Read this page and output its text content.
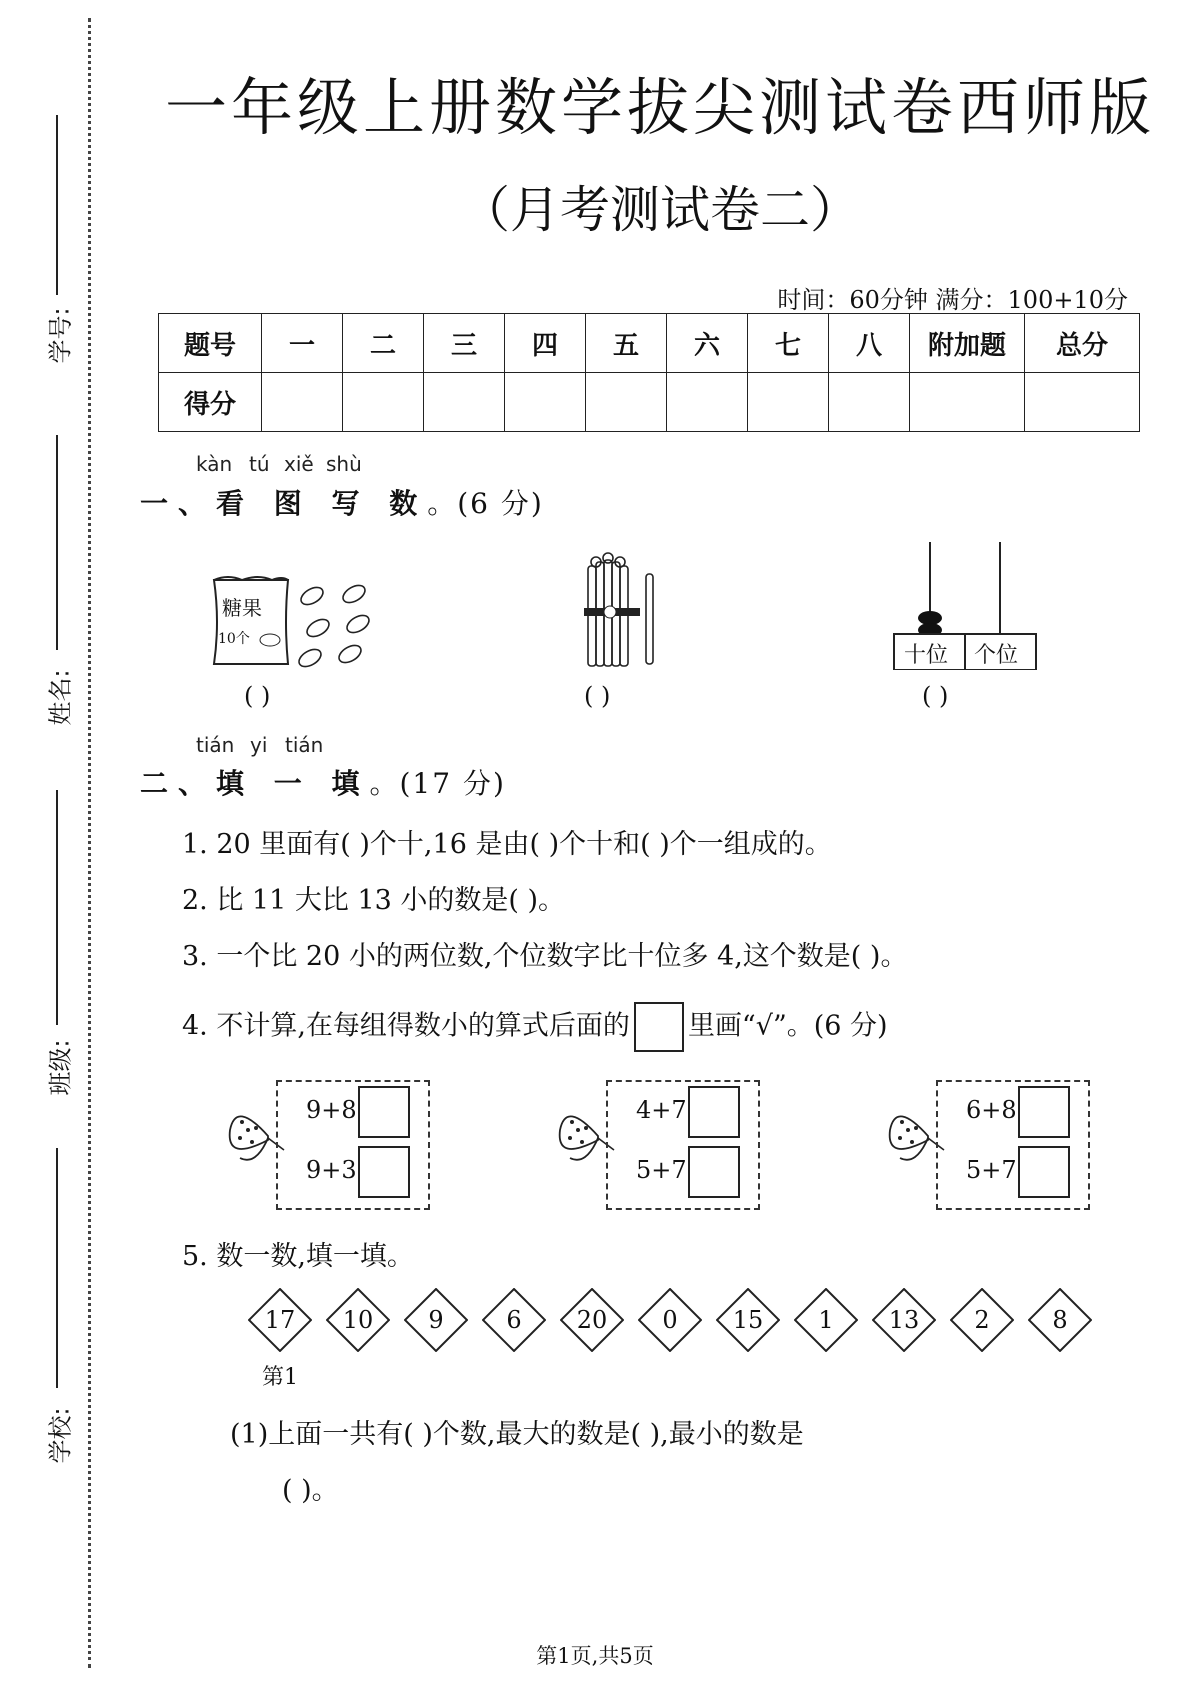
学号:
姓名:
班级:
学校:
一年级上册数学拔尖测试卷西师版
（月考测试卷二）
时间：60分钟 满分：100+10分
题号	一	二	三	四	五	六	七	八	附加题	总分
得分										
kàn tú xiě shù
一、看 图 写 数。(6 分)
糖果
10个
( )	( )
十位 个位
( )
tián yi tián
二、填 一 填。(17 分)
1. 20 里面有( )个十,16 是由( )个十和( )个一组成的。
2. 比 11 大比 13 小的数是( )。
3. 一个比 20 小的两位数,个位数字比十位多 4,这个数是( )。
4. 不计算,在每组得数小的算式后面的 里画“√”。(6 分)
9+8
9+3
4+7
5+7
6+8
5+7
5. 数一数,填一填。
17	10	9	6	20	0	15	1	13	2	8
第1
(1)上面一共有( )个数,最大的数是( ),最小的数是
( )。
第1页,共5页
